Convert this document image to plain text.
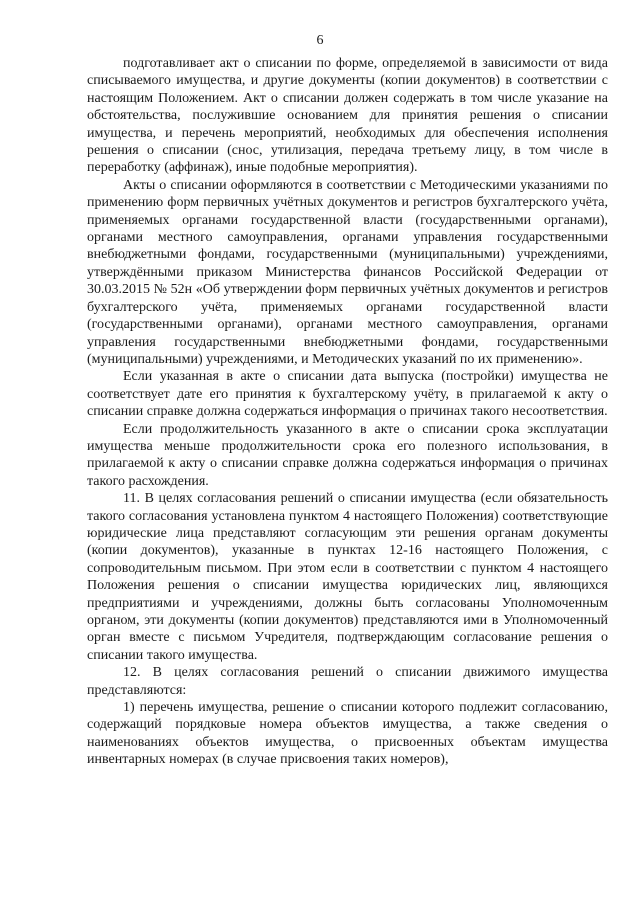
6

подготавливает акт о списании по форме, определяемой в зависимости от вида списываемого имущества, и другие документы (копии документов) в соответствии с настоящим Положением. Акт о списании должен содержать в том числе указание на обстоятельства, послужившие основанием для принятия решения о списании имущества, и перечень мероприятий, необходимых для обеспечения исполнения решения о списании (снос, утилизация, передача третьему лицу, в том числе в переработку (аффинаж), иные подобные мероприятия).

Акты о списании оформляются в соответствии с Методическими указаниями по применению форм первичных учётных документов и регистров бухгалтерского учёта, применяемых органами государственной власти (государственными органами), органами местного самоуправления, органами управления государственными внебюджетными фондами, государственными (муниципальными) учреждениями, утверждёнными приказом Министерства финансов Российской Федерации от 30.03.2015 № 52н «Об утверждении форм первичных учётных документов и регистров бухгалтерского учёта, применяемых органами государственной власти (государственными органами), органами местного самоуправления, органами управления государственными внебюджетными фондами, государственными (муниципальными) учреждениями, и Методических указаний по их применению».

Если указанная в акте о списании дата выпуска (постройки) имущества не соответствует дате его принятия к бухгалтерскому учёту, в прилагаемой к акту о списании справке должна содержаться информация о причинах такого несоответствия.

Если продолжительность указанного в акте о списании срока эксплуатации имущества меньше продолжительности срока его полезного использования, в прилагаемой к акту о списании справке должна содержаться информация о причинах такого расхождения.

11. В целях согласования решений о списании имущества (если обязательность такого согласования установлена пунктом 4 настоящего Положения) соответствующие юридические лица представляют согласующим эти решения органам документы (копии документов), указанные в пунктах 12-16 настоящего Положения, с сопроводительным письмом. При этом если в соответствии с пунктом 4 настоящего Положения решения о списании имущества юридических лиц, являющихся предприятиями и учреждениями, должны быть согласованы Уполномоченным органом, эти документы (копии документов) представляются ими в Уполномоченный орган вместе с письмом Учредителя, подтверждающим согласование решения о списании такого имущества.

12. В целях согласования решений о списании движимого имущества представляются:

1) перечень имущества, решение о списании которого подлежит согласованию, содержащий порядковые номера объектов имущества, а также сведения о наименованиях объектов имущества, о присвоенных объектам имущества инвентарных номерах (в случае присвоения таких номеров),
